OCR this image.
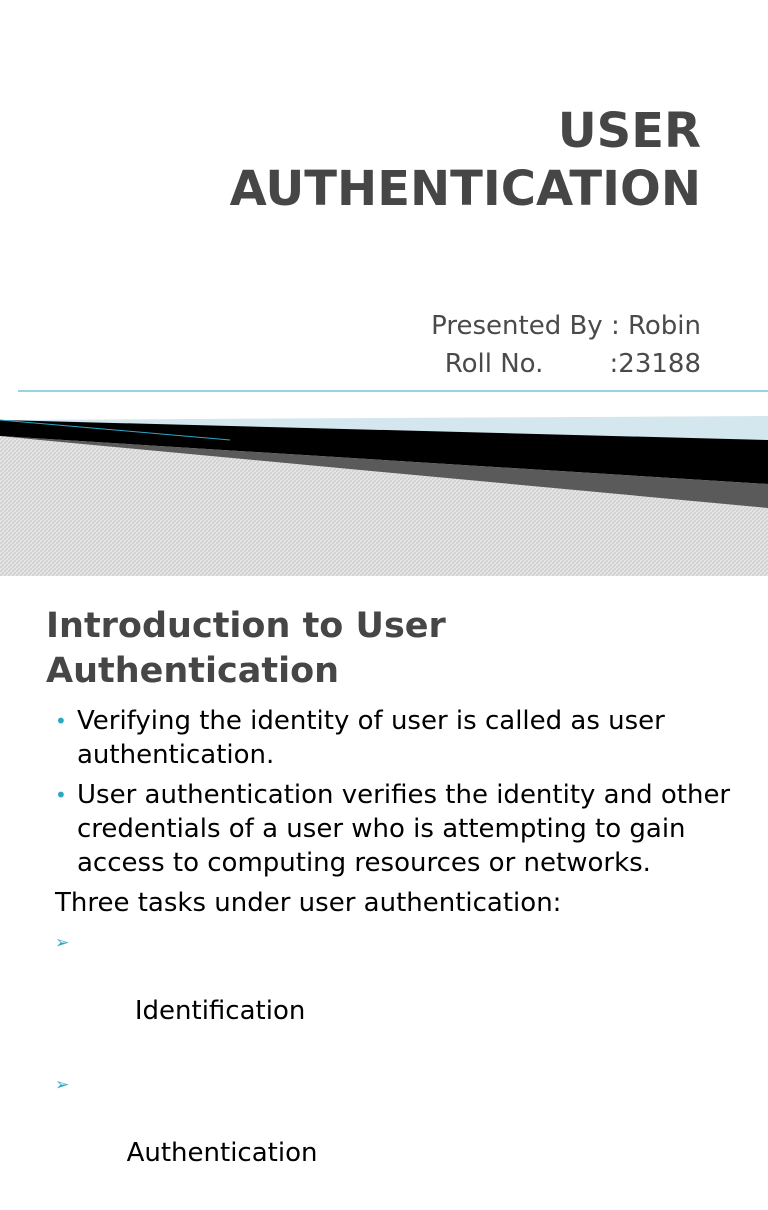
USER
AUTHENTICATION

Presented By : Robin

Roll No.        :23188

Introduction to User
Authentication
• Verifying the identity of user is called as user authentication.
• User authentication verifies the identity and other credentials of a user who is attempting to gain access to computing resources or networks.

Three tasks under user authentication:

➢

Identification

➢

Authentication
